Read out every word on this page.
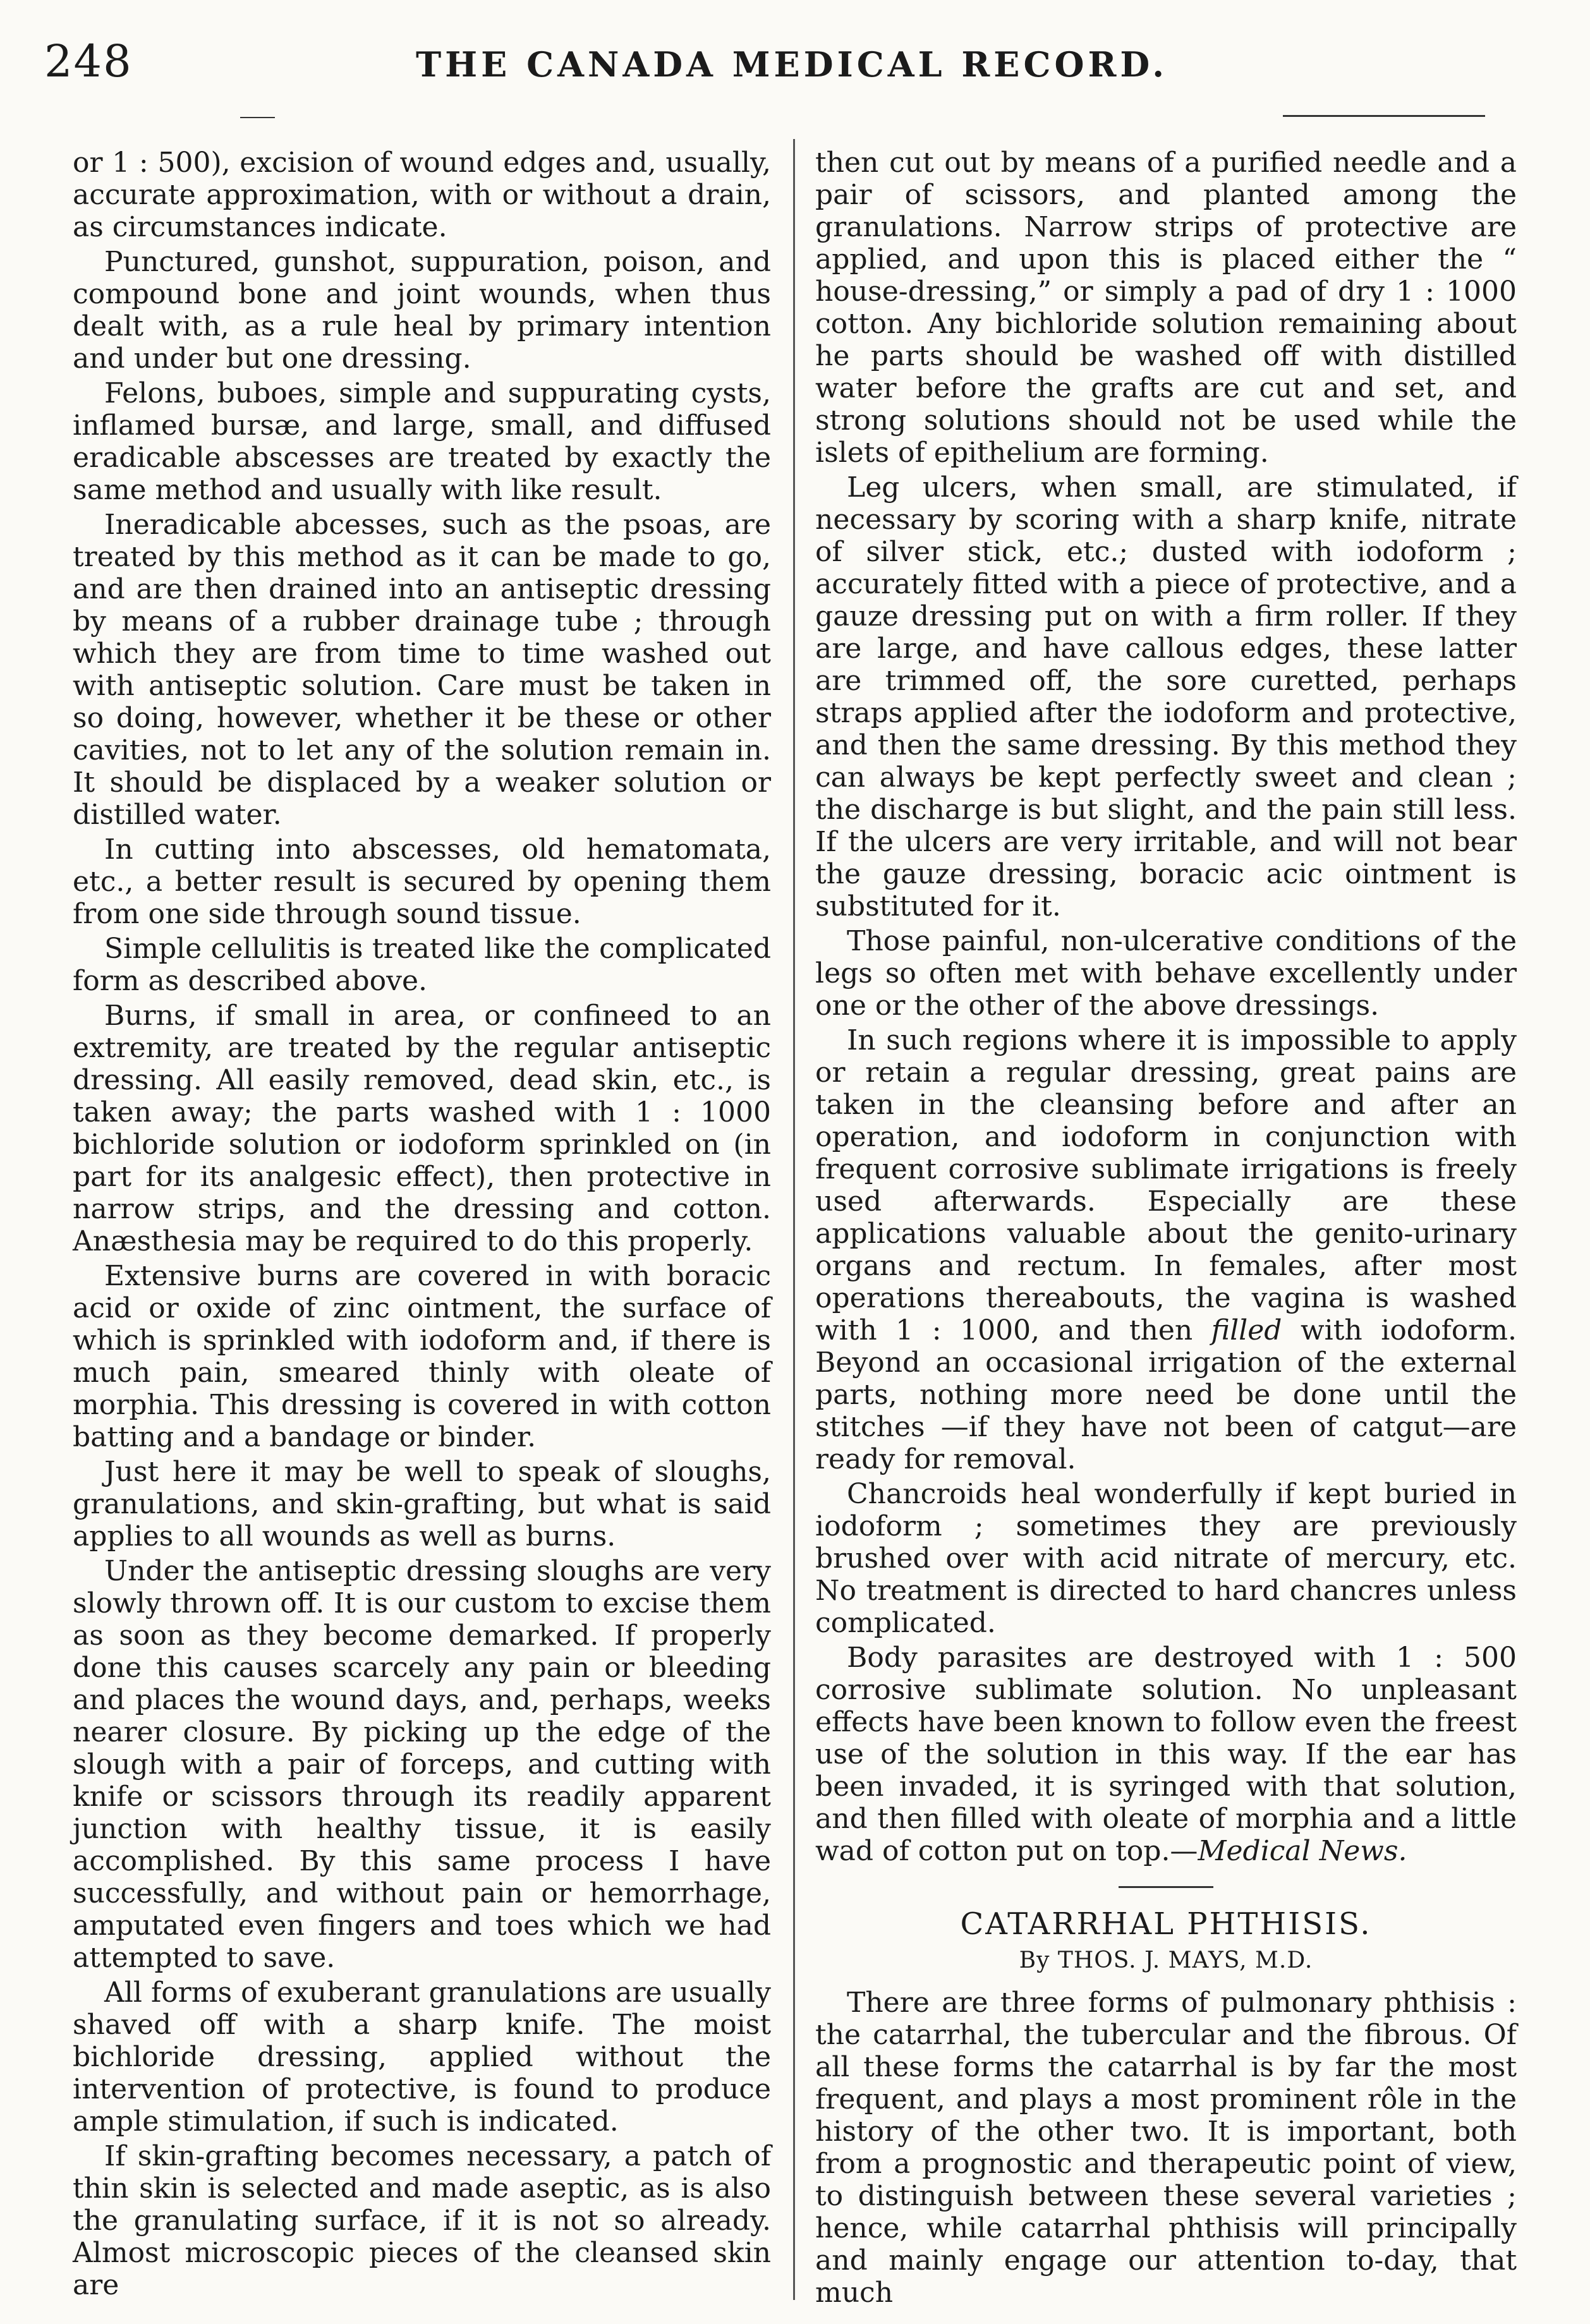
248	THE CANADA MEDICAL RECORD.

or 1 : 500), excision of wound edges and, usually, accurate approximation, with or without a drain, as circumstances indicate.

Punctured, gunshot, suppuration, poison, and compound bone and joint wounds, when thus dealt with, as a rule heal by primary intention and under but one dressing.

Felons, buboes, simple and suppurating cysts, inflamed bursæ, and large, small, and diffused eradicable abscesses are treated by exactly the same method and usually with like result.

Ineradicable abcesses, such as the psoas, are treated by this method as it can be made to go, and are then drained into an antiseptic dressing by means of a rubber drainage tube ; through which they are from time to time washed out with antiseptic solution. Care must be taken in so doing, however, whether it be these or other cavities, not to let any of the solution remain in. It should be displaced by a weaker solution or distilled water.

In cutting into abscesses, old hematomata, etc., a better result is secured by opening them from one side through sound tissue.

Simple cellulitis is treated like the complicated form as described above.

Burns, if small in area, or confineed to an extremity, are treated by the regular antiseptic dressing. All easily removed, dead skin, etc., is taken away; the parts washed with 1 : 1000 bichloride solution or iodoform sprinkled on (in part for its analgesic effect), then protective in narrow strips, and the dressing and cotton. Anæsthesia may be required to do this properly.

Extensive burns are covered in with boracic acid or oxide of zinc ointment, the surface of which is sprinkled with iodoform and, if there is much pain, smeared thinly with oleate of morphia. This dressing is covered in with cotton batting and a bandage or binder.

Just here it may be well to speak of sloughs, granulations, and skin-grafting, but what is said applies to all wounds as well as burns.

Under the antiseptic dressing sloughs are very slowly thrown off. It is our custom to excise them as soon as they become demarked. If properly done this causes scarcely any pain or bleeding and places the wound days, and, perhaps, weeks nearer closure. By picking up the edge of the slough with a pair of forceps, and cutting with knife or scissors through its readily apparent junction with healthy tissue, it is easily accomplished. By this same process I have successfully, and without pain or hemorrhage, amputated even fingers and toes which we had attempted to save.

All forms of exuberant granulations are usually shaved off with a sharp knife. The moist bichloride dressing, applied without the intervention of protective, is found to produce ample stimulation, if such is indicated.

If skin-grafting becomes necessary, a patch of thin skin is selected and made aseptic, as is also the granulating surface, if it is not so already. Almost microscopic pieces of the cleansed skin are

then cut out by means of a purified needle and a pair of scissors, and planted among the granulations. Narrow strips of protective are applied, and upon this is placed either the “ house-dressing,” or simply a pad of dry 1 : 1000 cotton. Any bichloride solution remaining about he parts should be washed off with distilled water before the grafts are cut and set, and strong solutions should not be used while the islets of epithelium are forming.

Leg ulcers, when small, are stimulated, if necessary by scoring with a sharp knife, nitrate of silver stick, etc.; dusted with iodoform ; accurately fitted with a piece of protective, and a gauze dressing put on with a firm roller. If they are large, and have callous edges, these latter are trimmed off, the sore curetted, perhaps straps applied after the iodoform and protective, and then the same dressing. By this method they can always be kept perfectly sweet and clean ; the discharge is but slight, and the pain still less. If the ulcers are very irritable, and will not bear the gauze dressing, boracic acic ointment is substituted for it.

Those painful, non-ulcerative conditions of the legs so often met with behave excellently under one or the other of the above dressings.

In such regions where it is impossible to apply or retain a regular dressing, great pains are taken in the cleansing before and after an operation, and iodoform in conjunction with frequent corrosive sublimate irrigations is freely used afterwards. Especially are these applications valuable about the genito-urinary organs and rectum. In females, after most operations thereabouts, the vagina is washed with 1 : 1000, and then filled with iodoform. Beyond an occasional irrigation of the external parts, nothing more need be done until the stitches —if they have not been of catgut—are ready for removal.

Chancroids heal wonderfully if kept buried in iodoform ; sometimes they are previously brushed over with acid nitrate of mercury, etc. No treatment is directed to hard chancres unless complicated.

Body parasites are destroyed with 1 : 500 corrosive sublimate solution. No unpleasant effects have been known to follow even the freest use of the solution in this way. If the ear has been invaded, it is syringed with that solution, and then filled with oleate of morphia and a little wad of cotton put on top.—Medical News.

CATARRHAL PHTHISIS.
By THOS. J. MAYS, M.D.

There are three forms of pulmonary phthisis : the catarrhal, the tubercular and the fibrous. Of all these forms the catarrhal is by far the most frequent, and plays a most prominent rôle in the history of the other two. It is important, both from a prognostic and therapeutic point of view, to distinguish between these several varieties ; hence, while catarrhal phthisis will principally and mainly engage our attention to-day, that much
